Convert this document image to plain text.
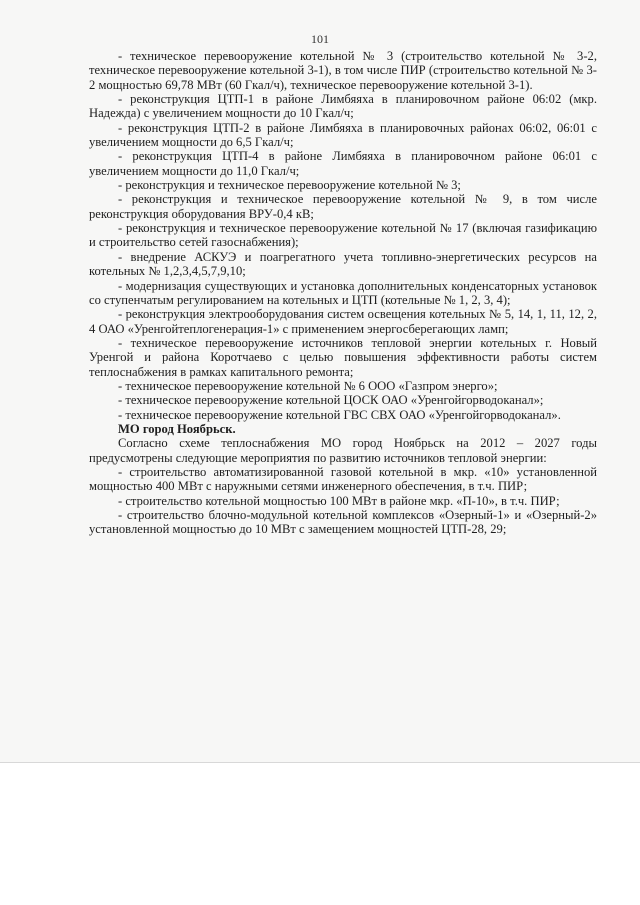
101

- техническое перевооружение котельной № 3 (строительство котельной № 3-2, техническое перевооружение котельной 3-1), в том числе ПИР (строительство котельной № 3-2 мощностью 69,78 МВт (60 Гкал/ч), техническое перевооружение котельной 3-1).

- реконструкция ЦТП-1 в районе Лимбяяха в планировочном районе 06:02 (мкр. Надежда) с увеличением мощности до 10 Гкал/ч;

- реконструкция ЦТП-2 в районе Лимбяяха в планировочных районах 06:02, 06:01 с увеличением мощности до 6,5 Гкал/ч;

- реконструкция ЦТП-4 в районе Лимбяяха в планировочном районе 06:01 с увеличением мощности до 11,0 Гкал/ч;

- реконструкция и техническое перевооружение котельной № 3;

- реконструкция и техническое перевооружение котельной № 9, в том числе реконструкция оборудования ВРУ-0,4 кВ;

- реконструкция и техническое перевооружение котельной № 17 (включая газификацию и строительство сетей газоснабжения);

- внедрение АСКУЭ и поагрегатного учета топливно-энергетических ресурсов на котельных № 1,2,3,4,5,7,9,10;

- модернизация существующих и установка дополнительных конденсаторных установок со ступенчатым регулированием на котельных и ЦТП (котельные № 1, 2, 3, 4);

- реконструкция электрооборудования систем освещения котельных № 5, 14, 1, 11, 12, 2, 4 ОАО «Уренгойтеплогенерация-1» с применением энергосберегающих ламп;

- техническое перевооружение источников тепловой энергии котельных г. Новый Уренгой и района Коротчаево с целью повышения эффективности работы систем теплоснабжения в рамках капитального ремонта;

- техническое перевооружение котельной № 6 ООО «Газпром энерго»;

- техническое перевооружение котельной ЦОСК ОАО «Уренгойгорводоканал»;

- техническое перевооружение котельной ГВС СВХ ОАО «Уренгойгорводоканал».

МО город Ноябрьск.

Согласно схеме теплоснабжения МО город Ноябрьск на 2012 – 2027 годы предусмотрены следующие мероприятия по развитию источников тепловой энергии:

- строительство автоматизированной газовой котельной в мкр. «10» установленной мощностью 400 МВт с наружными сетями инженерного обеспечения, в т.ч. ПИР;

- строительство котельной мощностью 100 МВт в районе мкр. «П-10», в т.ч. ПИР;

- строительство блочно-модульной котельной комплексов «Озерный-1» и «Озерный-2» установленной мощностью до 10 МВт с замещением мощностей ЦТП-28, 29;
